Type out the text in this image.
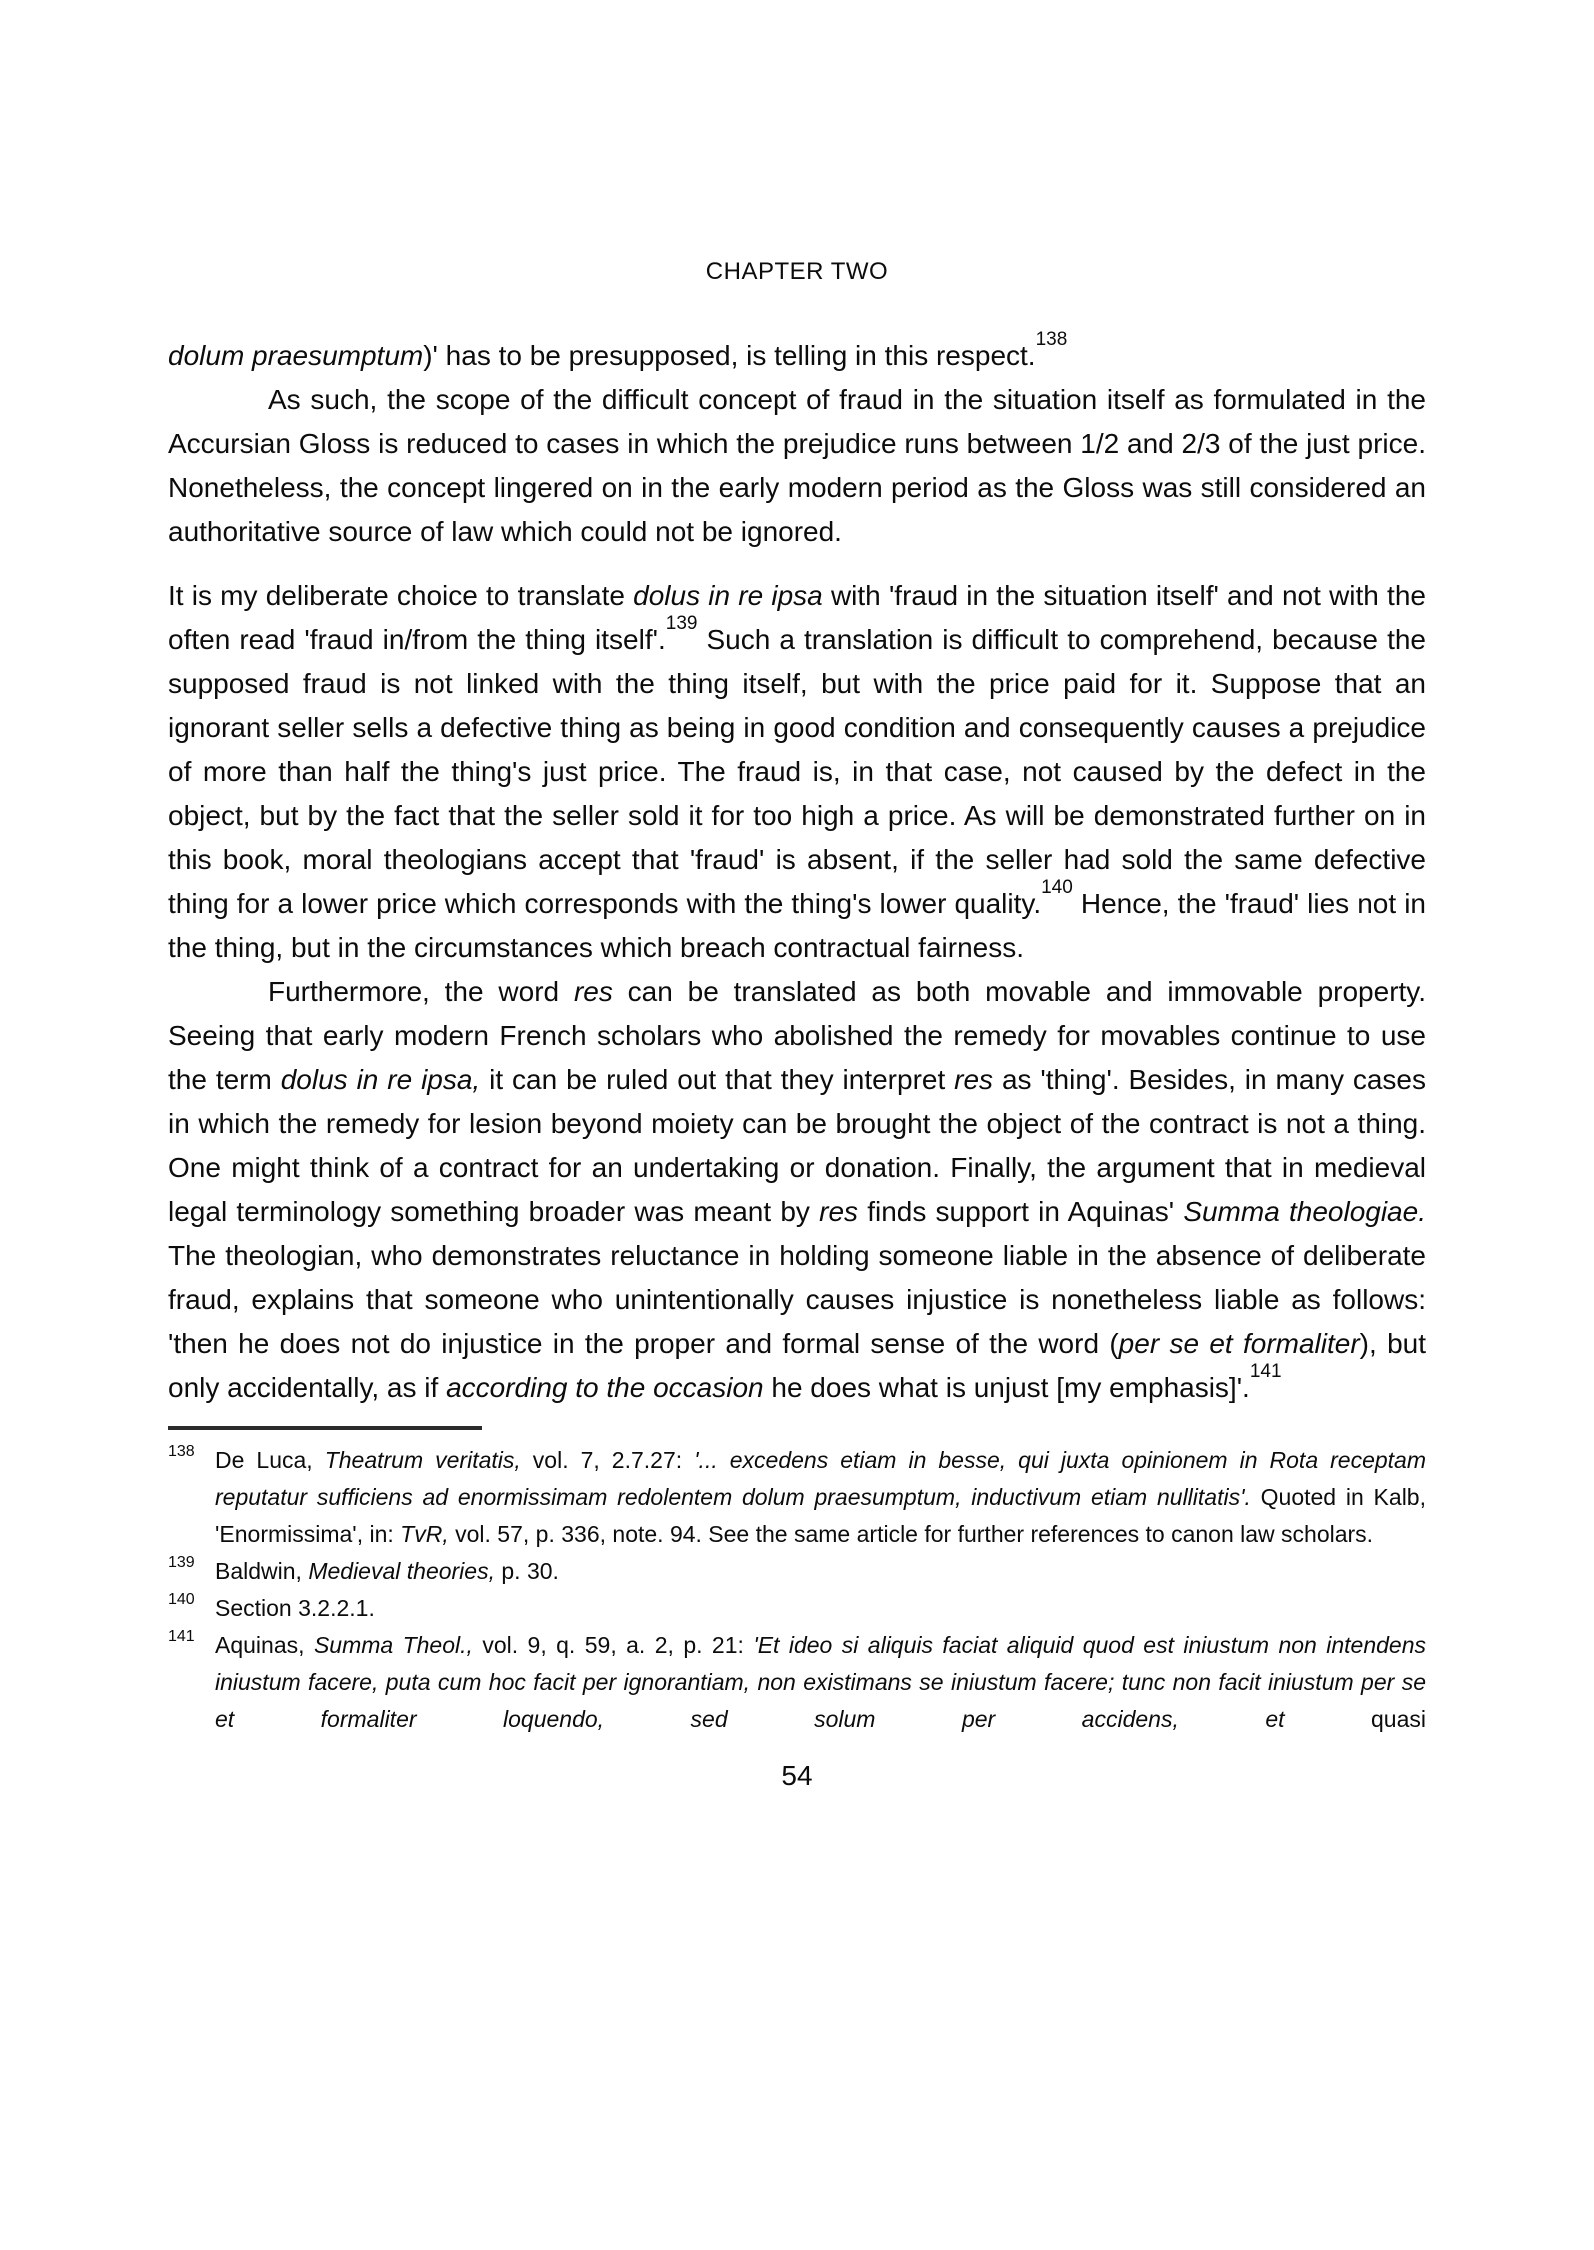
CHAPTER TWO

dolum praesumptum)' has to be presupposed, is telling in this respect.$^{138}$

As such, the scope of the difficult concept of fraud in the situation itself as formulated in the Accursian Gloss is reduced to cases in which the prejudice runs between 1/2 and 2/3 of the just price. Nonetheless, the concept lingered on in the early modern period as the Gloss was still considered an authoritative source of law which could not be ignored.

It is my deliberate choice to translate dolus in re ipsa with 'fraud in the situation itself' and not with the often read 'fraud in/from the thing itself'.$^{139}$ Such a translation is difficult to comprehend, because the supposed fraud is not linked with the thing itself, but with the price paid for it. Suppose that an ignorant seller sells a defective thing as being in good condition and consequently causes a prejudice of more than half the thing's just price. The fraud is, in that case, not caused by the defect in the object, but by the fact that the seller sold it for too high a price. As will be demonstrated further on in this book, moral theologians accept that 'fraud' is absent, if the seller had sold the same defective thing for a lower price which corresponds with the thing's lower quality.$^{140}$ Hence, the 'fraud' lies not in the thing, but in the circumstances which breach contractual fairness.

Furthermore, the word res can be translated as both movable and immovable property. Seeing that early modern French scholars who abolished the remedy for movables continue to use the term dolus in re ipsa, it can be ruled out that they interpret res as 'thing'. Besides, in many cases in which the remedy for lesion beyond moiety can be brought the object of the contract is not a thing. One might think of a contract for an undertaking or donation. Finally, the argument that in medieval legal terminology something broader was meant by res finds support in Aquinas' Summa theologiae. The theologian, who demonstrates reluctance in holding someone liable in the absence of deliberate fraud, explains that someone who unintentionally causes injustice is nonetheless liable as follows: 'then he does not do injustice in the proper and formal sense of the word (per se et formaliter), but only accidentally, as if according to the occasion he does what is unjust [my emphasis]'.$^{141}$

138 De Luca, Theatrum veritatis, vol. 7, 2.7.27: '... excedens etiam in besse, qui juxta opinionem in Rota receptam reputatur sufficiens ad enormissimam redolentem dolum praesumptum, inductivum etiam nullitatis'. Quoted in Kalb, 'Enormissima', in: TvR, vol. 57, p. 336, note. 94. See the same article for further references to canon law scholars.
139 Baldwin, Medieval theories, p. 30.
140 Section 3.2.2.1.
141 Aquinas, Summa Theol., vol. 9, q. 59, a. 2, p. 21: 'Et ideo si aliquis faciat aliquid quod est iniustum non intendens iniustum facere, puta cum hoc facit per ignorantiam, non existimans se iniustum facere; tunc non facit iniustum per se et formaliter loquendo, sed solum per accidens, et quasi
54
